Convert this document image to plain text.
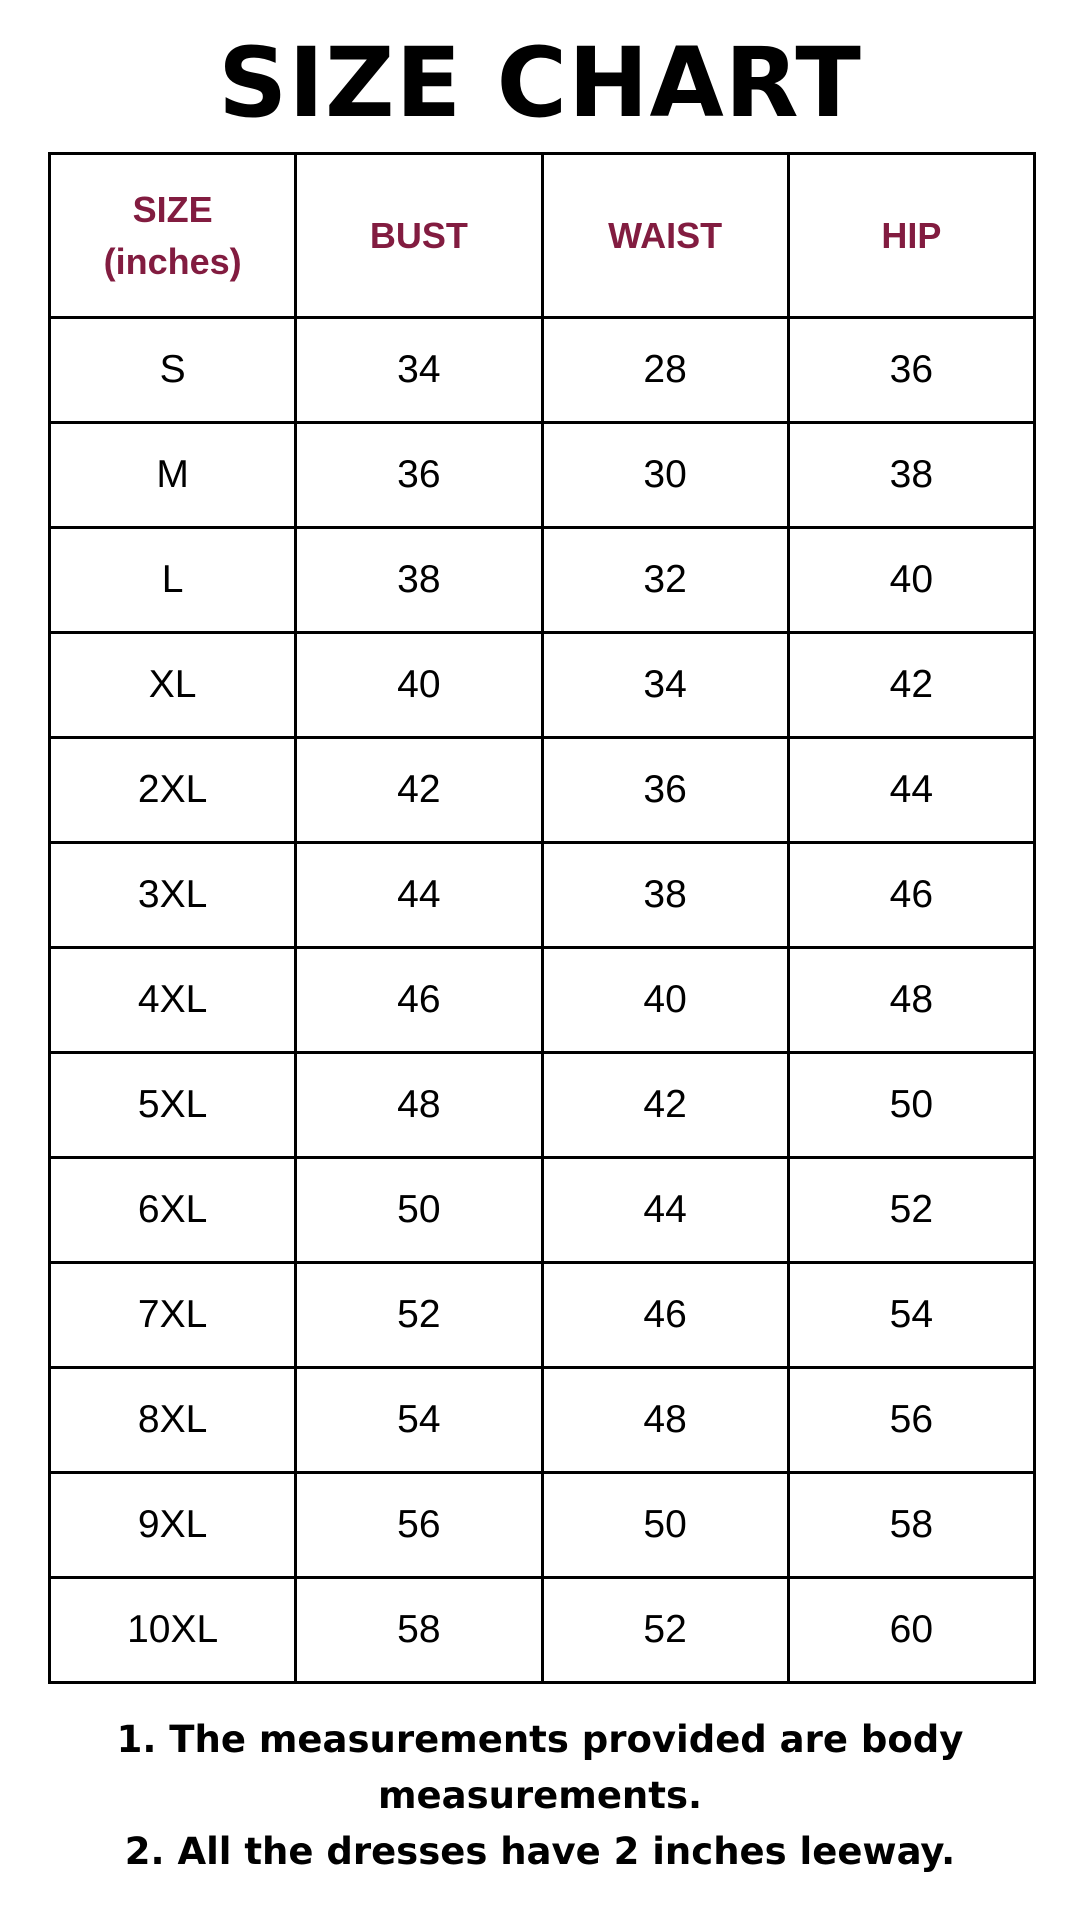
SIZE CHART
SIZE
(inches)	BUST	WAIST	HIP
S	34	28	36
M	36	30	38
L	38	32	40
XL	40	34	42
2XL	42	36	44
3XL	44	38	46
4XL	46	40	48
5XL	48	42	50
6XL	50	44	52
7XL	52	46	54
8XL	54	48	56
9XL	56	50	58
10XL	58	52	60

1. The measurements provided are body measurements.

2. All the dresses have 2 inches leeway.
